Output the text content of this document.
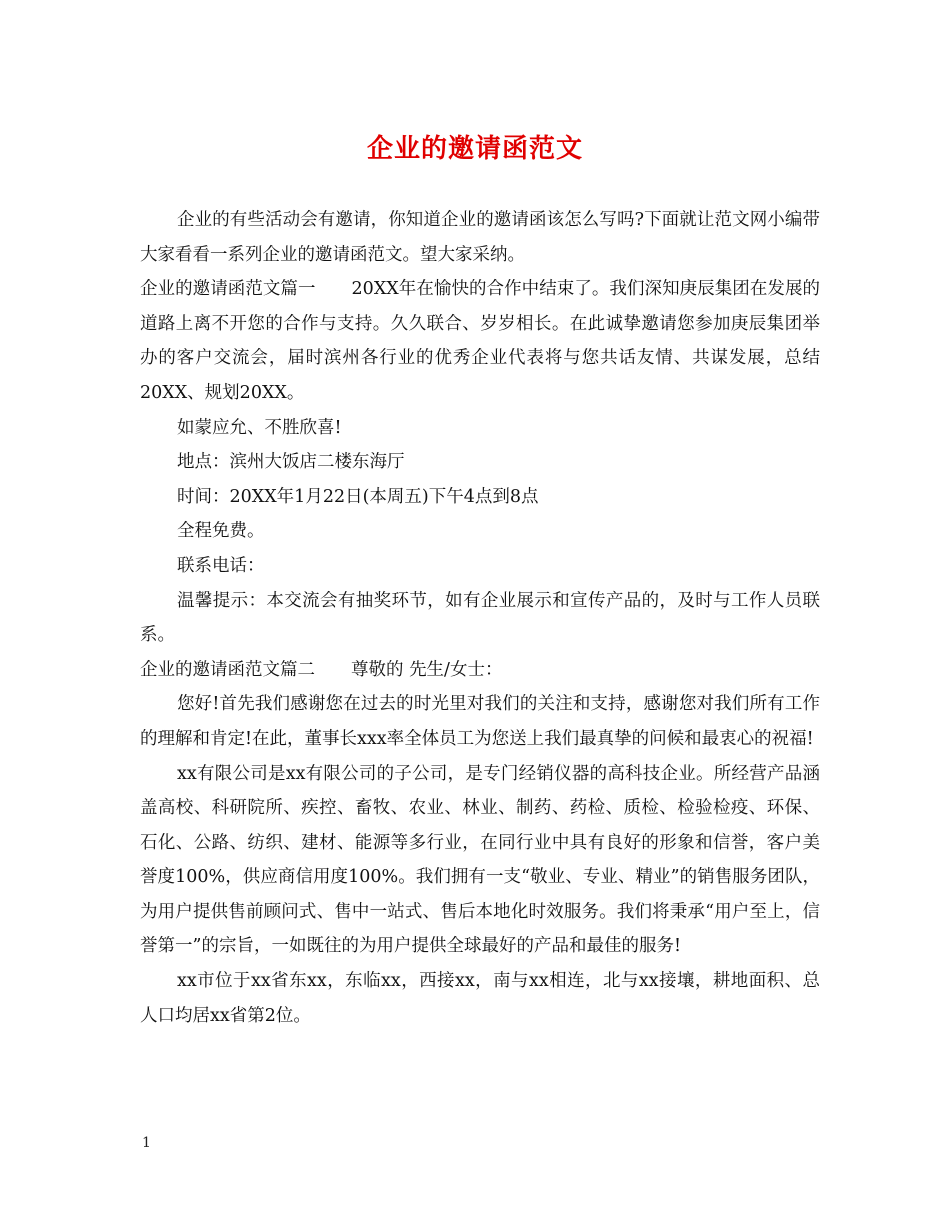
企业的邀请函范文

企业的有些活动会有邀请，你知道企业的邀请函该怎么写吗?下面就让范文网小编带大家看看一系列企业的邀请函范文。望大家采纳。

企业的邀请函范文篇一 20XX年在愉快的合作中结束了。我们深知庚辰集团在发展的道路上离不开您的合作与支持。久久联合、岁岁相长。在此诚挚邀请您参加庚辰集团举办的客户交流会，届时滨州各行业的优秀企业代表将与您共话友情、共谋发展，总结20XX、规划20XX。

如蒙应允、不胜欣喜!

地点：滨州大饭店二楼东海厅

时间：20XX年1月22日(本周五)下午4点到8点

全程免费。

联系电话：

温馨提示：本交流会有抽奖环节，如有企业展示和宣传产品的，及时与工作人员联系。

企业的邀请函范文篇二 尊敬的 先生/女士：

您好!首先我们感谢您在过去的时光里对我们的关注和支持，感谢您对我们所有工作的理解和肯定!在此，董事长xxx率全体员工为您送上我们最真挚的问候和最衷心的祝福!

xx有限公司是xx有限公司的子公司，是专门经销仪器的高科技企业。所经营产品涵盖高校、科研院所、疾控、畜牧、农业、林业、制药、药检、质检、检验检疫、环保、石化、公路、纺织、建材、能源等多行业，在同行业中具有良好的形象和信誉，客户美誉度100%，供应商信用度100%。我们拥有一支“敬业、专业、精业”的销售服务团队，为用户提供售前顾问式、售中一站式、售后本地化时效服务。我们将秉承“用户至上，信誉第一”的宗旨，一如既往的为用户提供全球最好的产品和最佳的服务!

xx市位于xx省东xx，东临xx，西接xx，南与xx相连，北与xx接壤，耕地面积、总人口均居xx省第2位。

1
